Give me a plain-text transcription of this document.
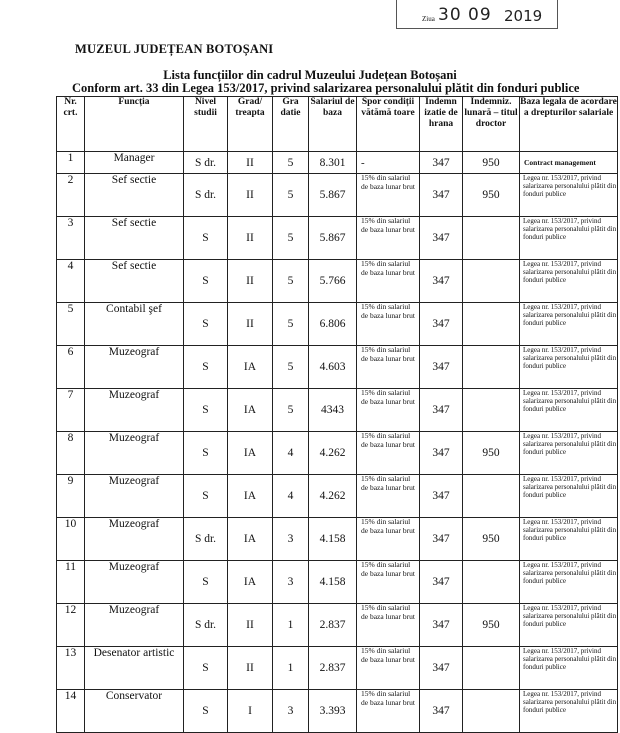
Ziua 30 09 2019
MUZEUL JUDEȚEAN BOTOȘANI
Lista funcțiilor din cadrul Muzeului Județean Botoșani
Conform art. 33 din Legea 153/2017, privind salarizarea personalului plătit din fonduri publice
Nr. crt.	Funcția	Nivel studii	Grad/ treapta	Gra datie	Salariul de baza	Spor condiții vătămă toare	Indemn izatie de hrana	Indemniz. lunară – titul droctor	Baza legala de acordare a drepturilor salariale
1	Manager	S dr.	II	5	8.301	-	347	950	Contract management
2	Sef sectie	S dr.	II	5	5.867	15% din salariul de baza lunar brut	347	950	Legea nr. 153/2017, privind salarizarea personalului plătit din fonduri publice
3	Sef sectie	S	II	5	5.867	15% din salariul de baza lunar brut	347		Legea nr. 153/2017, privind salarizarea personalului plătit din fonduri publice
4	Sef sectie	S	II	5	5.766	15% din salariul de baza lunar brut	347		Legea nr. 153/2017, privind salarizarea personalului plătit din fonduri publice
5	Contabil şef	S	II	5	6.806	15% din salariul de baza lunar brut	347		Legea nr. 153/2017, privind salarizarea personalului plătit din fonduri publice
6	Muzeograf	S	IA	5	4.603	15% din salariul de baza lunar brut	347		Legea nr. 153/2017, privind salarizarea personalului plătit din fonduri publice
7	Muzeograf	S	IA	5	4343	15% din salariul de baza lunar brut	347		Legea nr. 153/2017, privind salarizarea personalului plătit din fonduri publice
8	Muzeograf	S	IA	4	4.262	15% din salariul de baza lunar brut	347	950	Legea nr. 153/2017, privind salarizarea personalului plătit din fonduri publice
9	Muzeograf	S	IA	4	4.262	15% din salariul de baza lunar brut	347		Legea nr. 153/2017, privind salarizarea personalului plătit din fonduri publice
10	Muzeograf	S dr.	IA	3	4.158	15% din salariul de baza lunar brut	347	950	Legea nr. 153/2017, privind salarizarea personalului plătit din fonduri publice
11	Muzeograf	S	IA	3	4.158	15% din salariul de baza lunar brut	347		Legea nr. 153/2017, privind salarizarea personalului plătit din fonduri publice
12	Muzeograf	S dr.	II	1	2.837	15% din salariul de baza lunar brut	347	950	Legea nr. 153/2017, privind salarizarea personalului plătit din fonduri publice
13	Desenator artistic	S	II	1	2.837	15% din salariul de baza lunar brut	347		Legea nr. 153/2017, privind salarizarea personalului plătit din fonduri publice
14	Conservator	S	I	3	3.393	15% din salariul de baza lunar brut	347		Legea nr. 153/2017, privind salarizarea personalului plătit din fonduri publice
